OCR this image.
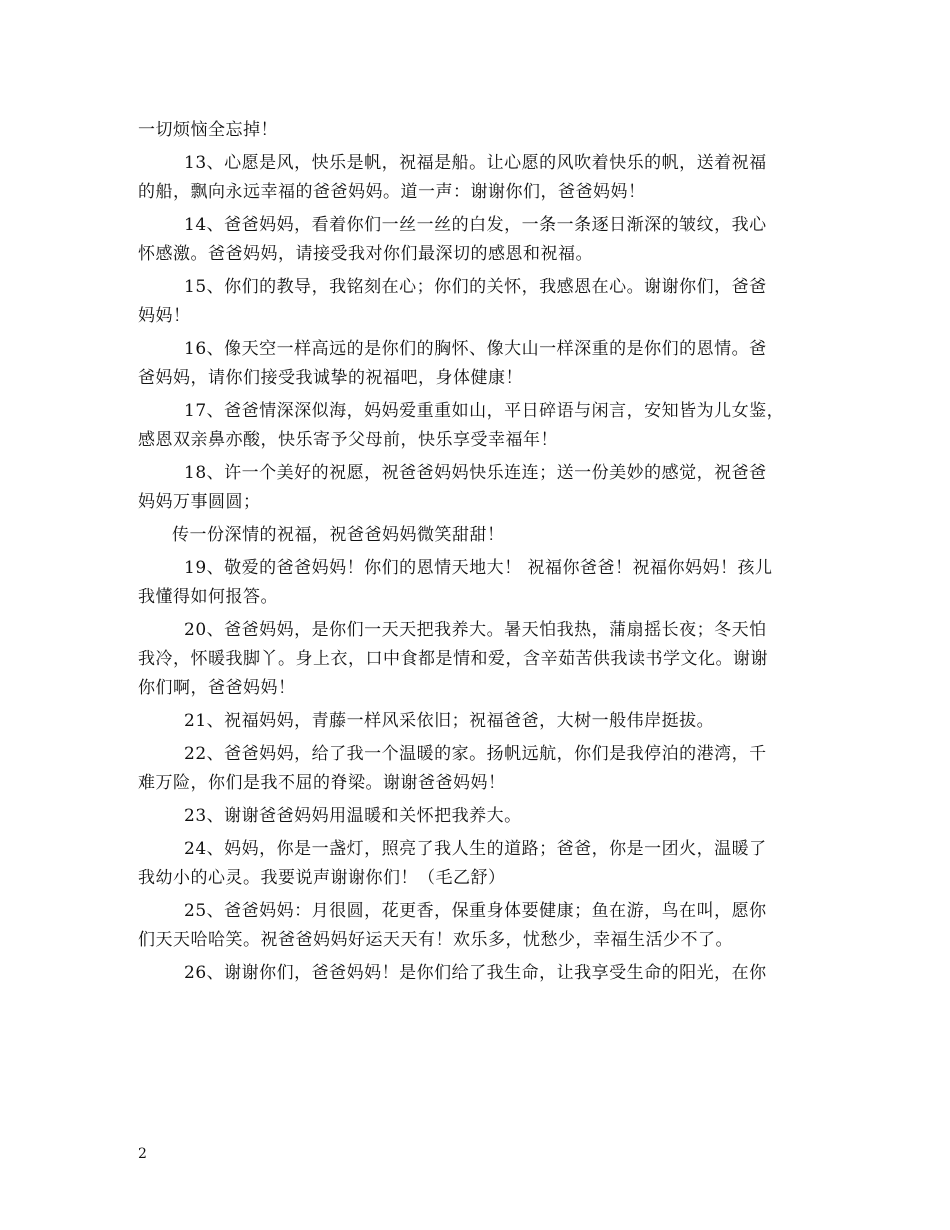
一切烦恼全忘掉！

13、心愿是风，快乐是帆，祝福是船。让心愿的风吹着快乐的帆，送着祝福
的船，飘向永远幸福的爸爸妈妈。道一声：谢谢你们，爸爸妈妈！

14、爸爸妈妈，看着你们一丝一丝的白发，一条一条逐日渐深的皱纹，我心
怀感激。爸爸妈妈，请接受我对你们最深切的感恩和祝福。

15、你们的教导，我铭刻在心；你们的关怀，我感恩在心。谢谢你们，爸爸
妈妈！

16、像天空一样高远的是你们的胸怀、像大山一样深重的是你们的恩情。爸
爸妈妈，请你们接受我诚挚的祝福吧，身体健康！

17、爸爸情深深似海，妈妈爱重重如山，平日碎语与闲言，安知皆为儿女鉴，
感恩双亲鼻亦酸，快乐寄予父母前，快乐享受幸福年！

18、许一个美好的祝愿，祝爸爸妈妈快乐连连；送一份美妙的感觉，祝爸爸
妈妈万事圆圆；

传一份深情的祝福，祝爸爸妈妈微笑甜甜！

19、敬爱的爸爸妈妈！你们的恩情天地大！ 祝福你爸爸！祝福你妈妈！孩儿
我懂得如何报答。

20、爸爸妈妈，是你们一天天把我养大。暑天怕我热，蒲扇摇长夜；冬天怕
我冷，怀暖我脚丫。身上衣，口中食都是情和爱，含辛茹苦供我读书学文化。谢谢
你们啊，爸爸妈妈！

21、祝福妈妈，青藤一样风采依旧；祝福爸爸，大树一般伟岸挺拔。

22、爸爸妈妈，给了我一个温暖的家。扬帆远航，你们是我停泊的港湾，千
难万险，你们是我不屈的脊梁。谢谢爸爸妈妈！

23、谢谢爸爸妈妈用温暖和关怀把我养大。

24、妈妈，你是一盏灯，照亮了我人生的道路；爸爸，你是一团火，温暖了
我幼小的心灵。我要说声谢谢你们！（毛乙舒）

25、爸爸妈妈：月很圆，花更香，保重身体要健康；鱼在游，鸟在叫，愿你
们天天哈哈笑。祝爸爸妈妈好运天天有！欢乐多，忧愁少，幸福生活少不了。

26、谢谢你们，爸爸妈妈！是你们给了我生命，让我享受生命的阳光，在你

2
